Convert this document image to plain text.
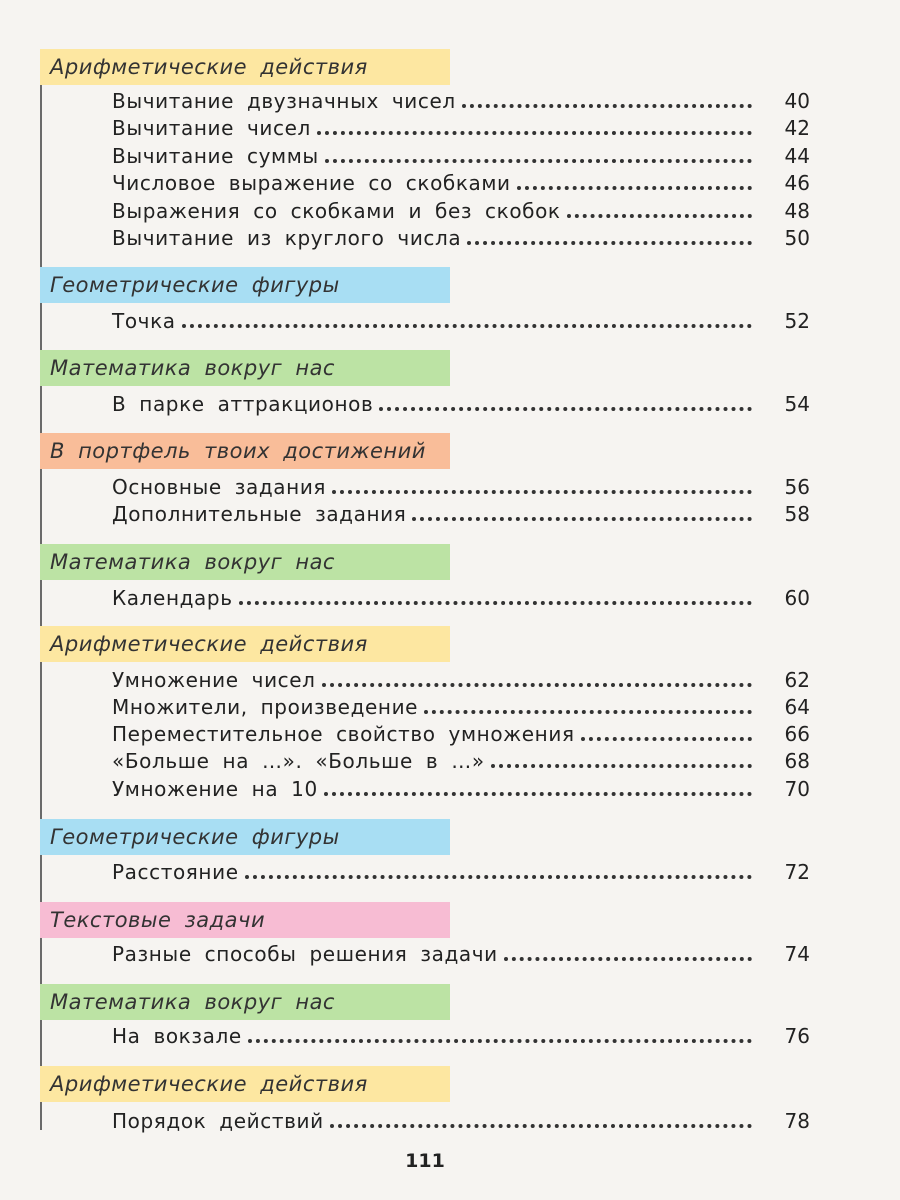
Арифметические действия
Вычитание двузначных чисел	40
Вычитание чисел	42
Вычитание суммы	44
Числовое выражение со скобками	46
Выражения со скобками и без скобок	48
Вычитание из круглого числа	50
Геометрические фигуры
Точка	52
Математика вокруг нас
В парке аттракционов	54
В портфель твоих достижений
Основные задания	56
Дополнительные задания	58
Математика вокруг нас
Календарь	60
Арифметические действия
Умножение чисел	62
Множители, произведение	64
Переместительное свойство умножения	66
«Больше на …». «Больше в …»	68
Умножение на 10	70
Геометрические фигуры
Расстояние	72
Текстовые задачи
Разные способы решения задачи	74
Математика вокруг нас
На вокзале	76
Арифметические действия
Порядок действий	78
111
